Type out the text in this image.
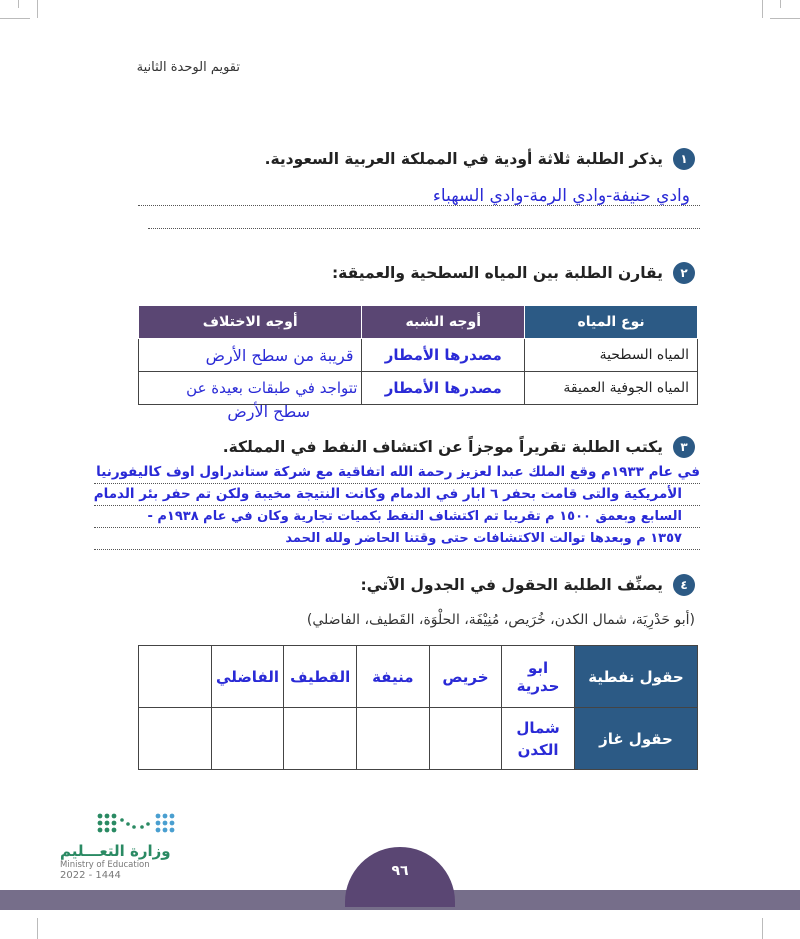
تقويم الوحدة الثانية
١
يذكر الطلبة ثلاثة أودية في المملكة العربية السعودية.
وادي حنيفة-وادي الرمة-وادي السهباء
٢
يقارن الطلبة بين المياه السطحية والعميقة:
نوع المياه	أوجه الشبه	أوجه الاختلاف
المياه السطحية	مصدرها الأمطار	قريبة من سطح الأرض
المياه الجوفية العميقة	مصدرها الأمطار	تتواجد في طبقات بعيدة عن
سطح الأرض
٣
يكتب الطلبة تقريراً موجزاً عن اكتشاف النفط في المملكة.
في عام ١٩٣٣م وقع الملك عبدا لعزيز رحمة الله اتفاقية مع شركة ستاندراول اوف كاليفورنيا
الأمريكية والتى قامت بحفر ٦ ابار في الدمام وكانت النتيجة مخيبة ولكن تم حفر بئر الدمام
السابع وبعمق ١٥٠٠ م تقريبا تم اكتشاف النفط بكميات تجارية وكان في عام ١٩٣٨م -
١٣٥٧ م وبعدها توالت الاكتشافات حتى وقتنا الحاضر ولله الحمد
٤
يصنِّف الطلبة الحقول في الجدول الآتي:
(أبو حَدْرِيَة، شمال الكدن، خُرَيص، مُنِيْفَة، الحلْوَة، القَطيف، الفاضلي)
حقول نفطية	ابو حدرية	خريص	منيفة	القطيف	الفاضلي	
حقول غاز	شمال الكدن					
وزارة التعـــليم
Ministry of Education
2022 - 1444	٩٦
